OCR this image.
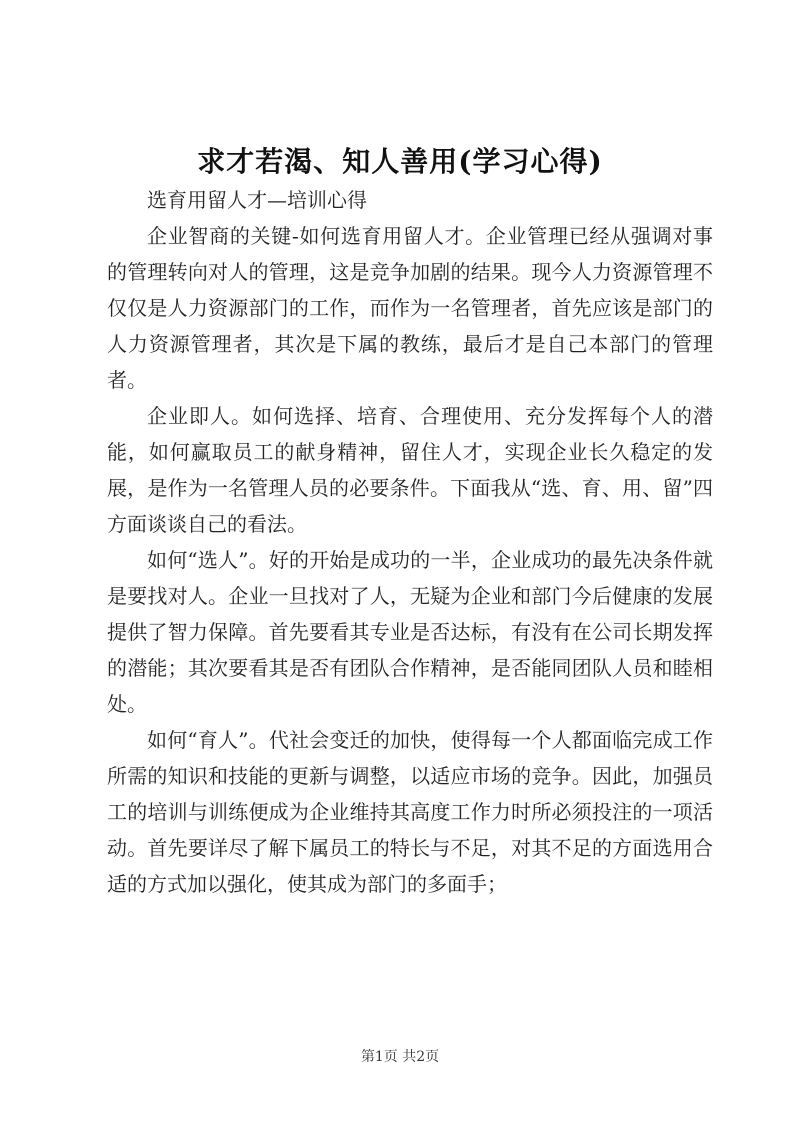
求才若渴、知人善用(学习心得)

选育用留人才—培训心得

企业智商的关键-如何选育用留人才。企业管理已经从强调对事的管理转向对人的管理，这是竞争加剧的结果。现今人力资源管理不仅仅是人力资源部门的工作，而作为一名管理者，首先应该是部门的人力资源管理者，其次是下属的教练，最后才是自己本部门的管理者。

企业即人。如何选择、培育、合理使用、充分发挥每个人的潜能，如何赢取员工的献身精神，留住人才，实现企业长久稳定的发展，是作为一名管理人员的必要条件。下面我从“选、育、用、留”四方面谈谈自己的看法。

如何“选人”。好的开始是成功的一半，企业成功的最先决条件就是要找对人。企业一旦找对了人，无疑为企业和部门今后健康的发展提供了智力保障。首先要看其专业是否达标，有没有在公司长期发挥的潜能；其次要看其是否有团队合作精神，是否能同团队人员和睦相处。

如何“育人”。代社会变迁的加快，使得每一个人都面临完成工作所需的知识和技能的更新与调整，以适应市场的竞争。因此，加强员工的培训与训练便成为企业维持其高度工作力时所必须投注的一项活动。首先要详尽了解下属员工的特长与不足，对其不足的方面选用合适的方式加以强化，使其成为部门的多面手；

第1页 共2页
